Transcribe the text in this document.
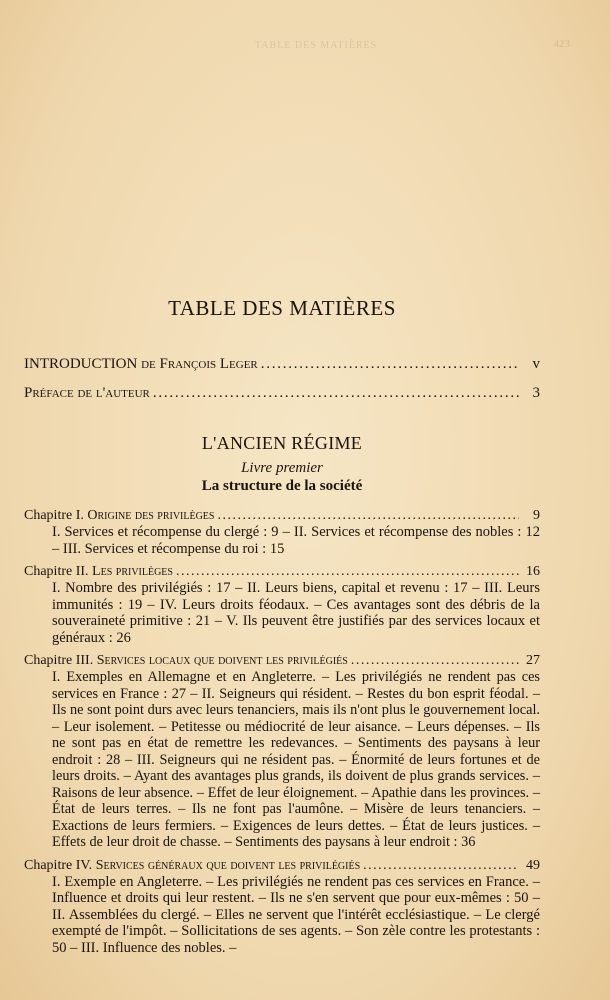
TABLE DES MATIÈRES	423
TABLE DES MATIÈRES
INTRODUCTION de François Leger . . .	v
Préface de l'auteur . . .	3
L'ANCIEN RÉGIME
Livre premier
La structure de la société
Chapitre I. Origine des privilèges . . .	9

I. Services et récompense du clergé : 9 – II. Services et récompense des nobles : 12 – III. Services et récompense du roi : 15

Chapitre II. Les privilèges . . .	16

I. Nombre des privilégiés : 17 – II. Leurs biens, capital et revenu : 17 – III. Leurs immunités : 19 – IV. Leurs droits féodaux. – Ces avantages sont des débris de la souveraineté primitive : 21 – V. Ils peuvent être justifiés par des services locaux et généraux : 26

Chapitre III. Services locaux que doivent les privilégiés . . .	27

I. Exemples en Allemagne et en Angleterre. – Les privilégiés ne rendent pas ces services en France : 27 – II. Seigneurs qui résident. – Restes du bon esprit féodal. – Ils ne sont point durs avec leurs tenanciers, mais ils n'ont plus le gouvernement local. – Leur isolement. – Petitesse ou médiocrité de leur aisance. – Leurs dépenses. – Ils ne sont pas en état de remettre les redevances. – Sentiments des paysans à leur endroit : 28 – III. Seigneurs qui ne résident pas. – Énormité de leurs fortunes et de leurs droits. – Ayant des avantages plus grands, ils doivent de plus grands services. – Raisons de leur absence. – Effet de leur éloignement. – Apathie dans les provinces. – État de leurs terres. – Ils ne font pas l'aumône. – Misère de leurs tenanciers. – Exactions de leurs fermiers. – Exigences de leurs dettes. – État de leurs justices. – Effets de leur droit de chasse. – Sentiments des paysans à leur endroit : 36

Chapitre IV. Services généraux que doivent les privilégiés . . .	49

I. Exemple en Angleterre. – Les privilégiés ne rendent pas ces services en France. – Influence et droits qui leur restent. – Ils ne s'en servent que pour eux-mêmes : 50 – II. Assemblées du clergé. – Elles ne servent que l'intérêt ecclésiastique. – Le clergé exempté de l'impôt. – Sollicitations de ses agents. – Son zèle contre les protestants : 50 – III. Influence des nobles. –
